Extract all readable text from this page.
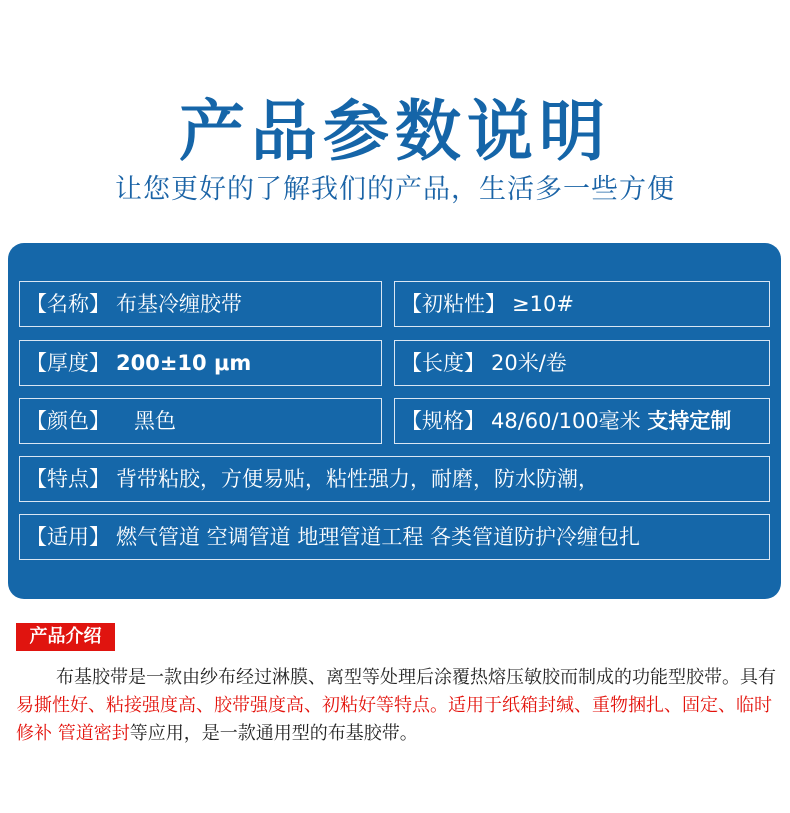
产品参数说明
让您更好的了解我们的产品，生活多一些方便
【名称】 布基冷缠胶带	【初粘性】 ≥10#
【厚度】 200±10 μm	【长度】 20米/卷
【颜色】 黑色	【规格】 48/60/100毫米 支持定制
【特点】 背带粘胶，方便易贴，粘性强力，耐磨，防水防潮，
【适用】 燃气管道 空调管道 地理管道工程 各类管道防护冷缠包扎
产品介绍
布基胶带是一款由纱布经过淋膜、离型等处理后涂覆热熔压敏胶而制成的功能型胶带。具有易撕性好、粘接强度高、胶带强度高、初粘好等特点。适用于纸箱封缄、重物捆扎、固定、临时修补 管道密封等应用，是一款通用型的布基胶带。
